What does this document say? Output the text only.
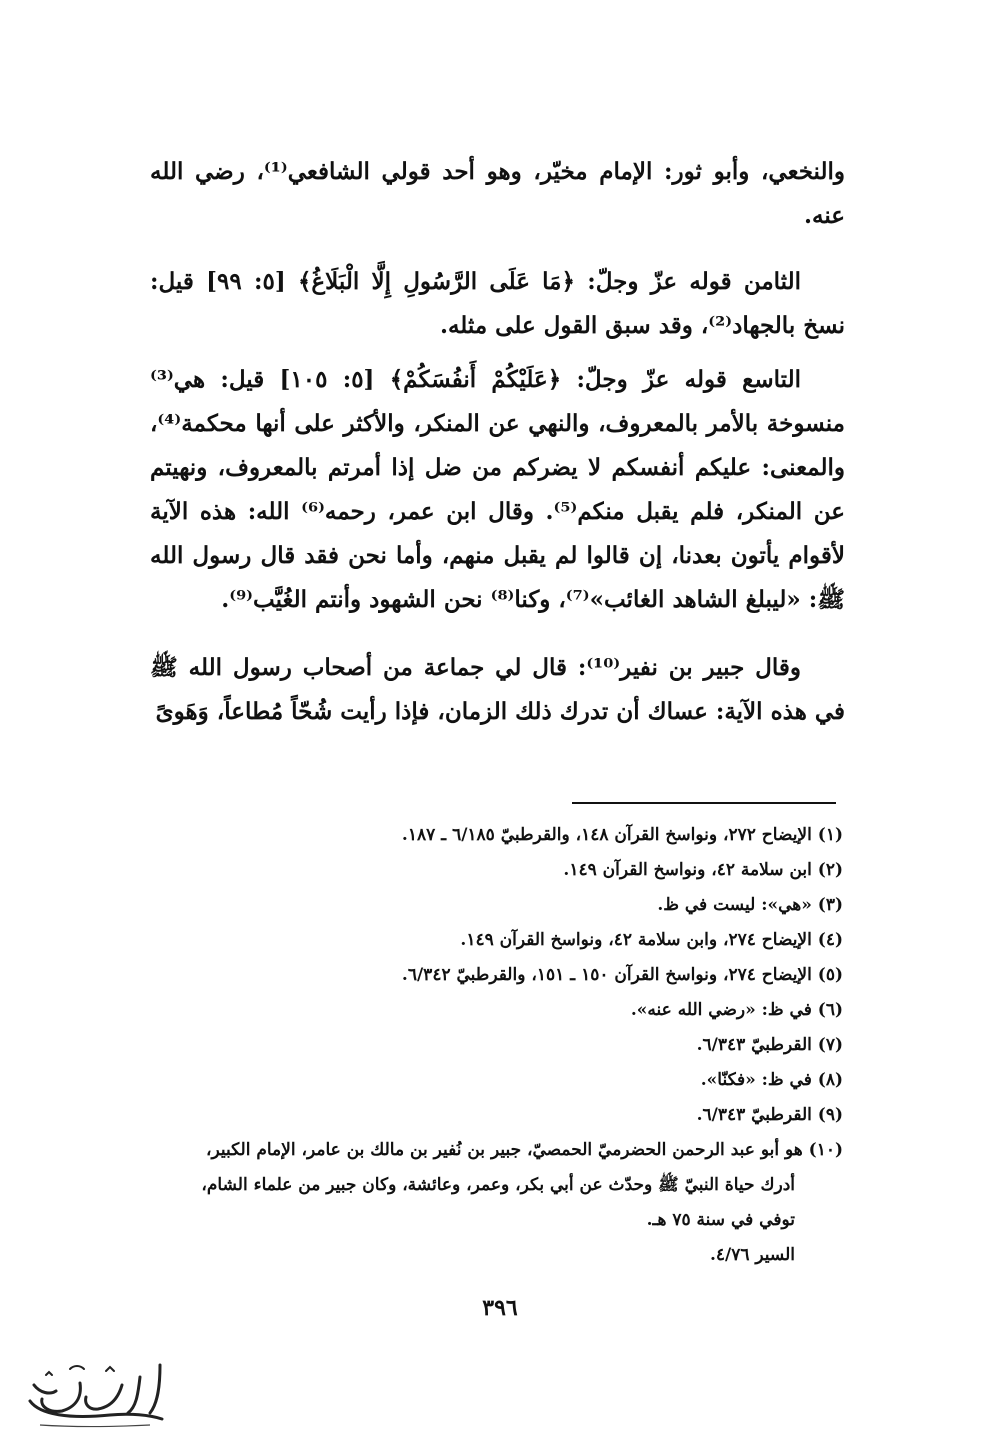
والنخعي، وأبو ثور: الإمام مخيّر، وهو أحد قولي الشافعي⁽¹⁾، رضي الله عنه.

الثامن قوله عزّ وجلّ: ﴿مَا عَلَى الرَّسُولِ إِلَّا الْبَلَاغُ﴾ [٥: ٩٩] قيل: نسخ بالجهاد⁽²⁾، وقد سبق القول على مثله.

التاسع قوله عزّ وجلّ: ﴿عَلَيْكُمْ أَنفُسَكُمْ﴾ [٥: ١٠٥] قيل: هي⁽³⁾ منسوخة بالأمر بالمعروف، والنهي عن المنكر، والأكثر على أنها محكمة⁽⁴⁾، والمعنى: عليكم أنفسكم لا يضركم من ضل إذا أمرتم بالمعروف، ونهيتم عن المنكر، فلم يقبل منكم⁽⁵⁾. وقال ابن عمر، رحمه⁽⁶⁾ الله: هذه الآية لأقوام يأتون بعدنا، إن قالوا لم يقبل منهم، وأما نحن فقد قال رسول الله ﷺ: «ليبلغ الشاهد الغائب»⁽⁷⁾، وكنا⁽⁸⁾ نحن الشهود وأنتم الغُيَّب⁽⁹⁾.

وقال جبير بن نفير⁽¹⁰⁾: قال لي جماعة من أصحاب رسول الله ﷺ في هذه الآية: عساك أن تدرك ذلك الزمان، فإذا رأيت شُحّاً مُطاعاً، وَهَوىً

(١) الإيضاح ٢٧٢، ونواسخ القرآن ١٤٨، والقرطبيّ ٦/١٨٥ ـ ١٨٧.

(٢) ابن سلامة ٤٢، ونواسخ القرآن ١٤٩.

(٣) «هي»: ليست في ظ.

(٤) الإيضاح ٢٧٤، وابن سلامة ٤٢، ونواسخ القرآن ١٤٩.

(٥) الإيضاح ٢٧٤، ونواسخ القرآن ١٥٠ ـ ١٥١، والقرطبيّ ٦/٣٤٢.

(٦) في ظ: «رضي الله عنه».

(٧) القرطبيّ ٦/٣٤٣.

(٨) في ظ: «فكنّا».

(٩) القرطبيّ ٦/٣٤٣.

(١٠) هو أبو عبد الرحمن الحضرميّ الحمصيّ، جبير بن نُفير بن مالك بن عامر، الإمام الكبير،

أدرك حياة النبيّ ﷺ وحدّث عن أبي بكر، وعمر، وعائشة، وكان جبير من علماء الشام،

توفي في سنة ٧٥ هـ.

السير ٤/٧٦.

٣٩٦
